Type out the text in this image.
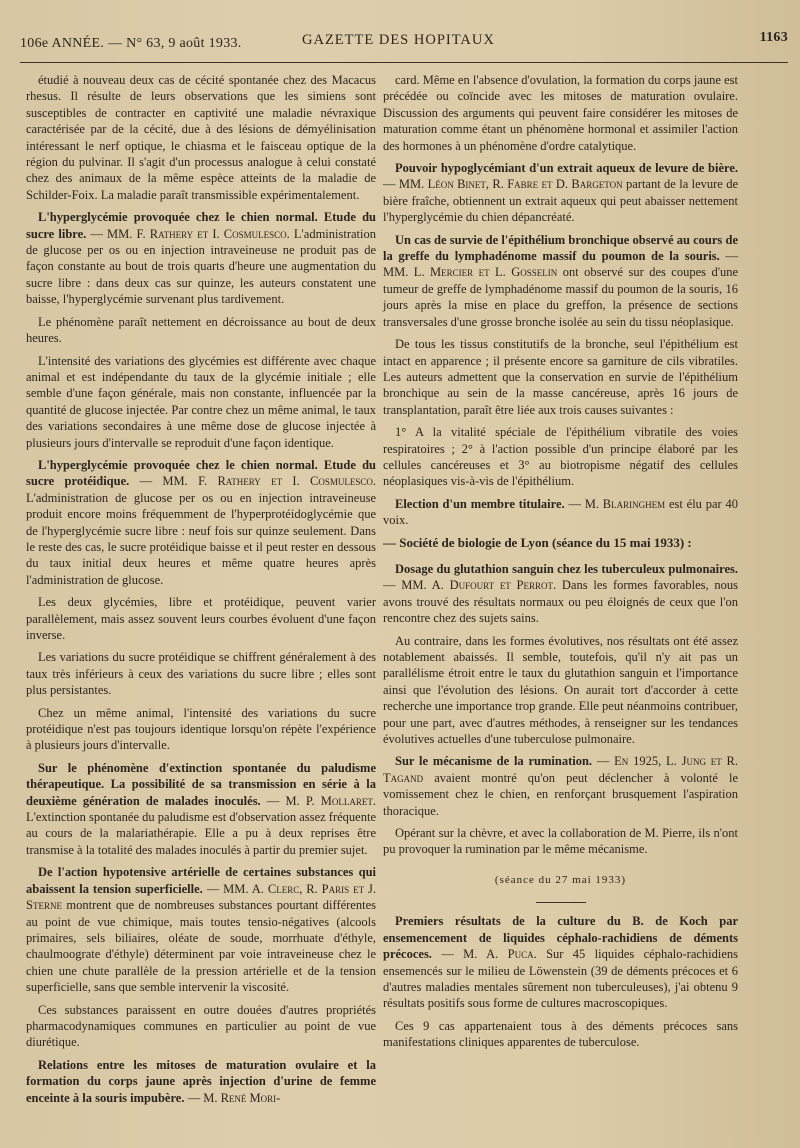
106e ANNÉE. — N° 63, 9 août 1933.	GAZETTE DES HOPITAUX	1163

étudié à nouveau deux cas de cécité spontanée chez des Macacus rhesus. Il résulte de leurs observations que les simiens sont susceptibles de contracter en captivité une maladie névraxique caractérisée par de la cécité, due à des lésions de démyélinisation intéressant le nerf optique, le chiasma et le faisceau optique de la région du pulvinar. Il s'agit d'un processus analogue à celui constaté chez des animaux de la même espèce atteints de la maladie de Schilder-Foix. La maladie paraît transmissible expérimentalement.

L'hyperglycémie provoquée chez le chien normal. Etude du sucre libre. — MM. F. Rathery et I. Cosmulesco. L'administration de glucose per os ou en injection intraveineuse ne produit pas de façon constante au bout de trois quarts d'heure une augmentation du sucre libre : dans deux cas sur quinze, les auteurs constatent une baisse, l'hyperglycémie survenant plus tardivement.

Le phénomène paraît nettement en décroissance au bout de deux heures.

L'intensité des variations des glycémies est différente avec chaque animal et est indépendante du taux de la glycémie initiale ; elle semble d'une façon générale, mais non constante, influencée par la quantité de glucose injectée. Par contre chez un même animal, le taux des variations secondaires à une même dose de glucose injectée à plusieurs jours d'intervalle se reproduit d'une façon identique.

L'hyperglycémie provoquée chez le chien normal. Etude du sucre protéidique. — MM. F. Rathery et I. Cosmulesco. L'administration de glucose per os ou en injection intraveineuse produit encore moins fréquemment de l'hyperprotéidoglycémie que de l'hyperglycémie sucre libre : neuf fois sur quinze seulement. Dans le reste des cas, le sucre protéidique baisse et il peut rester en dessous du taux initial deux heures et même quatre heures après l'administration de glucose.

Les deux glycémies, libre et protéidique, peuvent varier parallèlement, mais assez souvent leurs courbes évoluent d'une façon inverse.

Les variations du sucre protéidique se chiffrent généralement à des taux très inférieurs à ceux des variations du sucre libre ; elles sont plus persistantes.

Chez un même animal, l'intensité des variations du sucre protéidique n'est pas toujours identique lorsqu'on répète l'expérience à plusieurs jours d'intervalle.

Sur le phénomène d'extinction spontanée du paludisme thérapeutique. La possibilité de sa transmission en série à la deuxième génération de malades inoculés. — M. P. Mollaret. L'extinction spontanée du paludisme est d'observation assez fréquente au cours de la malariathérapie. Elle a pu à deux reprises être transmise à la totalité des malades inoculés à partir du premier sujet.

De l'action hypotensive artérielle de certaines substances qui abaissent la tension superficielle. — MM. A. Clerc, R. Paris et J. Sterne montrent que de nombreuses substances pourtant différentes au point de vue chimique, mais toutes tensio-négatives (alcools primaires, sels biliaires, oléate de soude, morrhuate d'éthyle, chaulmoograte d'éthyle) déterminent par voie intraveineuse chez le chien une chute parallèle de la pression artérielle et de la tension superficielle, sans que semble intervenir la viscosité.

Ces substances paraissent en outre douées d'autres propriétés pharmacodynamiques communes en particulier au point de vue diurétique.

Relations entre les mitoses de maturation ovulaire et la formation du corps jaune après injection d'urine de femme enceinte à la souris impubère. — M. René Mori-

card. Même en l'absence d'ovulation, la formation du corps jaune est précédée ou coïncide avec les mitoses de maturation ovulaire. Discussion des arguments qui peuvent faire considérer les mitoses de maturation comme étant un phénomène hormonal et assimiler l'action des hormones à un phénomène d'ordre catalytique.

Pouvoir hypoglycémiant d'un extrait aqueux de levure de bière. — MM. Léon Binet, R. Fabre et D. Bargeton partant de la levure de bière fraîche, obtiennent un extrait aqueux qui peut abaisser nettement l'hyperglycémie du chien dépancréaté.

Un cas de survie de l'épithélium bronchique observé au cours de la greffe du lymphadénome massif du poumon de la souris. — MM. L. Mercier et L. Gosselin ont observé sur des coupes d'une tumeur de greffe de lymphadénome massif du poumon de la souris, 16 jours après la mise en place du greffon, la présence de sections transversales d'une grosse bronche isolée au sein du tissu néoplasique.

De tous les tissus constitutifs de la bronche, seul l'épithélium est intact en apparence ; il présente encore sa garniture de cils vibratiles. Les auteurs admettent que la conservation en survie de l'épithélium bronchique au sein de la masse cancéreuse, après 16 jours de transplantation, paraît être liée aux trois causes suivantes :

1° A la vitalité spéciale de l'épithélium vibratile des voies respiratoires ; 2° à l'action possible d'un principe élaboré par les cellules cancéreuses et 3° au biotropisme négatif des cellules néoplasiques vis-à-vis de l'épithélium.

Election d'un membre titulaire. — M. Blaringhem est élu par 40 voix.

— Société de biologie de Lyon (séance du 15 mai 1933) :

Dosage du glutathion sanguin chez les tuberculeux pulmonaires. — MM. A. Dufourt et Perrot. Dans les formes favorables, nous avons trouvé des résultats normaux ou peu éloignés de ceux que l'on rencontre chez des sujets sains.

Au contraire, dans les formes évolutives, nos résultats ont été assez notablement abaissés. Il semble, toutefois, qu'il n'y ait pas un parallélisme étroit entre le taux du glutathion sanguin et l'importance ainsi que l'évolution des lésions. On aurait tort d'accorder à cette recherche une importance trop grande. Elle peut néanmoins contribuer, pour une part, avec d'autres méthodes, à renseigner sur les tendances évolutives actuelles d'une tuberculose pulmonaire.

Sur le mécanisme de la rumination. — En 1925, L. Jung et R. Tagand avaient montré qu'on peut déclencher à volonté le vomissement chez le chien, en renforçant brusquement l'aspiration thoracique.

Opérant sur la chèvre, et avec la collaboration de M. Pierre, ils n'ont pu provoquer la rumination par le même mécanisme.

(séance du 27 mai 1933)

Premiers résultats de la culture du B. de Koch par ensemencement de liquides céphalo-rachidiens de déments précoces. — M. A. Puca. Sur 45 liquides céphalo-rachidiens ensemencés sur le milieu de Löwenstein (39 de déments précoces et 6 d'autres maladies mentales sûrement non tuberculeuses), j'ai obtenu 9 résultats positifs sous forme de cultures macroscopiques.

Ces 9 cas appartenaient tous à des déments précoces sans manifestations cliniques apparentes de tuberculose.
